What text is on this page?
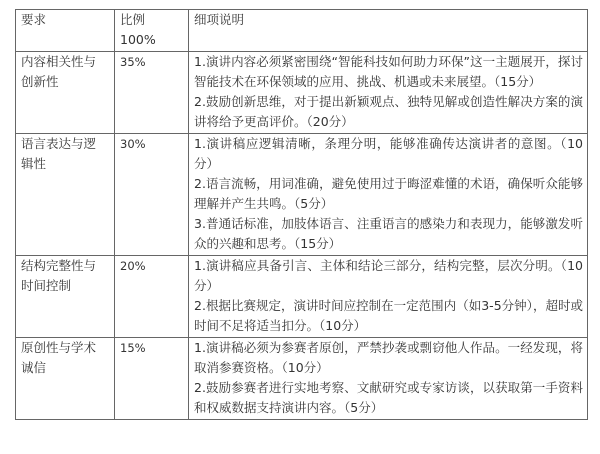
要求	比例 100%	细项说明

内容相关性与创新性	35%	1.演讲内容必须紧密围绕“智能科技如何助力环保”这一主题展开，探讨智能技术在环保领域的应用、挑战、机遇或未来展望。（15分）
2.鼓励创新思维，对于提出新颖观点、独特见解或创造性解决方案的演讲将给予更高评价。（20分）

语言表达与逻辑性	30%	1.演讲稿应逻辑清晰，条理分明，能够准确传达演讲者的意图。（10分）
2.语言流畅，用词准确，避免使用过于晦涩难懂的术语，确保听众能够理解并产生共鸣。（5分）
3.普通话标准，加肢体语言、注重语言的感染力和表现力，能够激发听众的兴趣和思考。（15分）

结构完整性与时间控制	20%	1.演讲稿应具备引言、主体和结论三部分，结构完整，层次分明。（10分）
2.根据比赛规定，演讲时间应控制在一定范围内（如3-5分钟），超时或时间不足将适当扣分。（10分）

原创性与学术诚信	15%	1.演讲稿必须为参赛者原创，严禁抄袭或剽窃他人作品。一经发现，将取消参赛资格。（10分）
2.鼓励参赛者进行实地考察、文献研究或专家访谈，以获取第一手资料和权威数据支持演讲内容。（5分）
